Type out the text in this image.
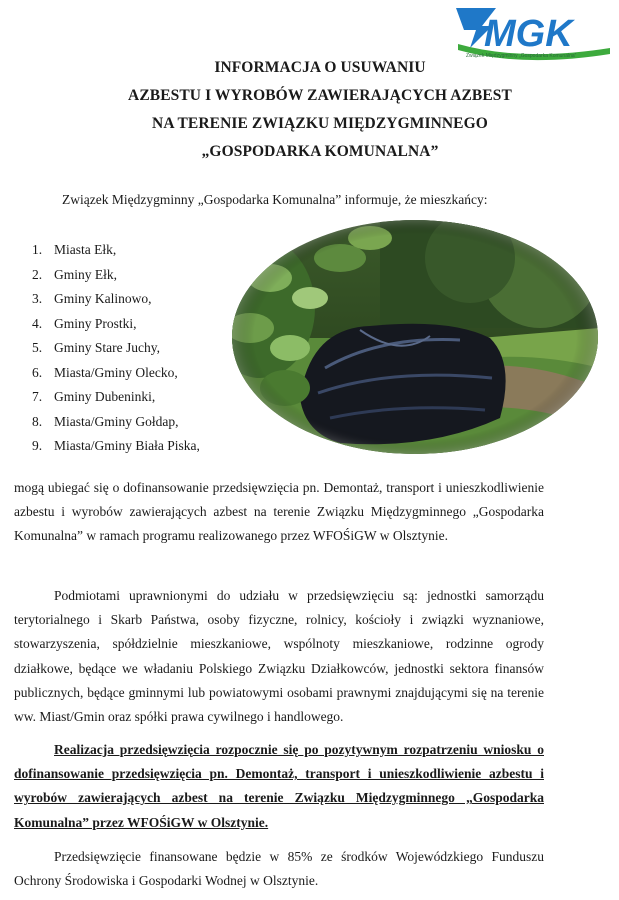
MGK
Związek Międzygminny „Gospodarka Komunalna”
INFORMACJA O USUWANIU
AZBESTU I WYROBÓW ZAWIERAJĄCYCH AZBEST
NA TERENIE ZWIĄZKU MIĘDZYGMINNEGO
„GOSPODARKA KOMUNALNA”
Związek Międzygminny „Gospodarka Komunalna” informuje, że mieszkańcy:
1. Miasta Ełk,
2. Gminy Ełk,
3. Gminy Kalinowo,
4. Gminy Prostki,
5. Gminy Stare Juchy,
6. Miasta/Gminy Olecko,
7. Gminy Dubeninki,
8. Miasta/Gminy Gołdap,
9. Miasta/Gminy Biała Piska,

mogą ubiegać się o dofinansowanie przedsięwzięcia pn. Demontaż, transport i unieszkodliwienie azbestu i wyrobów zawierających azbest na terenie Związku Międzygminnego „Gospodarka Komunalna” w ramach programu realizowanego przez WFOŚiGW w Olsztynie.

Podmiotami uprawnionymi do udziału w przedsięwzięciu są: jednostki samorządu terytorialnego i Skarb Państwa, osoby fizyczne, rolnicy, kościoły i związki wyznaniowe, stowarzyszenia, spółdzielnie mieszkaniowe, wspólnoty mieszkaniowe, rodzinne ogrody działkowe, będące we władaniu Polskiego Związku Działkowców, jednostki sektora finansów publicznych, będące gminnymi lub powiatowymi osobami prawnymi znajdującymi się na terenie ww. Miast/Gmin oraz spółki prawa cywilnego i handlowego.

Realizacja przedsięwzięcia rozpocznie się po pozytywnym rozpatrzeniu wniosku o dofinansowanie przedsięwzięcia pn. Demontaż, transport i unieszkodliwienie azbestu i wyrobów zawierających azbest na terenie Związku Międzygminnego „Gospodarka Komunalna” przez WFOŚiGW w Olsztynie.

Przedsięwzięcie finansowane będzie w 85% ze środków Wojewódzkiego Funduszu Ochrony Środowiska i Gospodarki Wodnej w Olsztynie.
